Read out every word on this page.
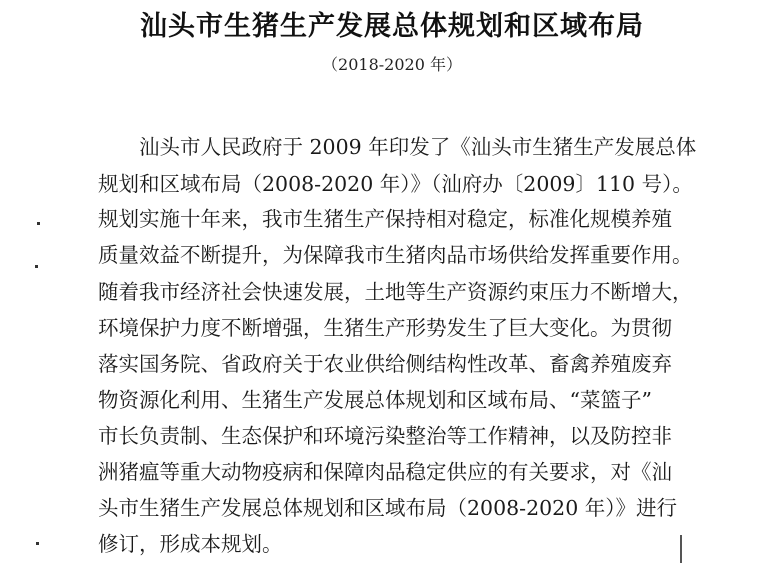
汕头市生猪生产发展总体规划和区域布局
（2018-2020 年）
汕头市人民政府于 2009 年印发了《汕头市生猪生产发展总体
规划和区域布局（2008-2020 年）》（汕府办〔2009〕110 号）。
规划实施十年来，我市生猪生产保持相对稳定，标准化规模养殖
质量效益不断提升，为保障我市生猪肉品市场供给发挥重要作用。
随着我市经济社会快速发展，土地等生产资源约束压力不断增大，
环境保护力度不断增强，生猪生产形势发生了巨大变化。为贯彻
落实国务院、省政府关于农业供给侧结构性改革、畜禽养殖废弃
物资源化利用、生猪生产发展总体规划和区域布局、“菜篮子”
市长负责制、生态保护和环境污染整治等工作精神，以及防控非
洲猪瘟等重大动物疫病和保障肉品稳定供应的有关要求，对《汕
头市生猪生产发展总体规划和区域布局（2008-2020 年）》进行
修订，形成本规划。
